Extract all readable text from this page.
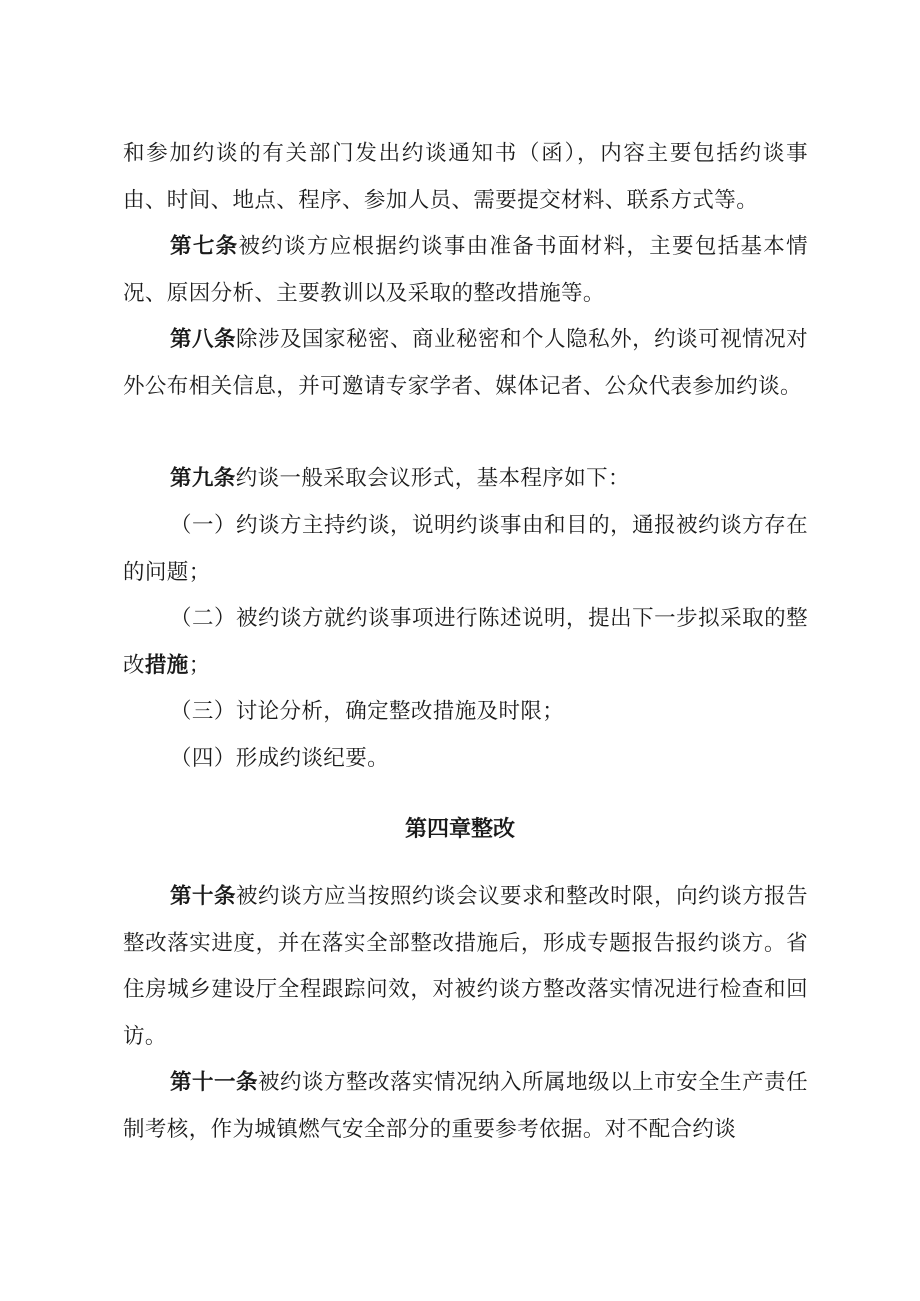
和参加约谈的有关部门发出约谈通知书（函），内容主要包括约谈事由、时间、地点、程序、参加人员、需要提交材料、联系方式等。

第七条被约谈方应根据约谈事由准备书面材料，主要包括基本情况、原因分析、主要教训以及采取的整改措施等。

第八条除涉及国家秘密、商业秘密和个人隐私外，约谈可视情况对外公布相关信息，并可邀请专家学者、媒体记者、公众代表参加约谈。

第九条约谈一般采取会议形式，基本程序如下：

（一）约谈方主持约谈，说明约谈事由和目的，通报被约谈方存在的问题；

（二）被约谈方就约谈事项进行陈述说明，提出下一步拟采取的整改措施；

（三）讨论分析，确定整改措施及时限；

（四）形成约谈纪要。

第四章整改

第十条被约谈方应当按照约谈会议要求和整改时限，向约谈方报告整改落实进度，并在落实全部整改措施后，形成专题报告报约谈方。省住房城乡建设厅全程跟踪问效，对被约谈方整改落实情况进行检查和回访。

第十一条被约谈方整改落实情况纳入所属地级以上市安全生产责任制考核，作为城镇燃气安全部分的重要参考依据。对不配合约谈
